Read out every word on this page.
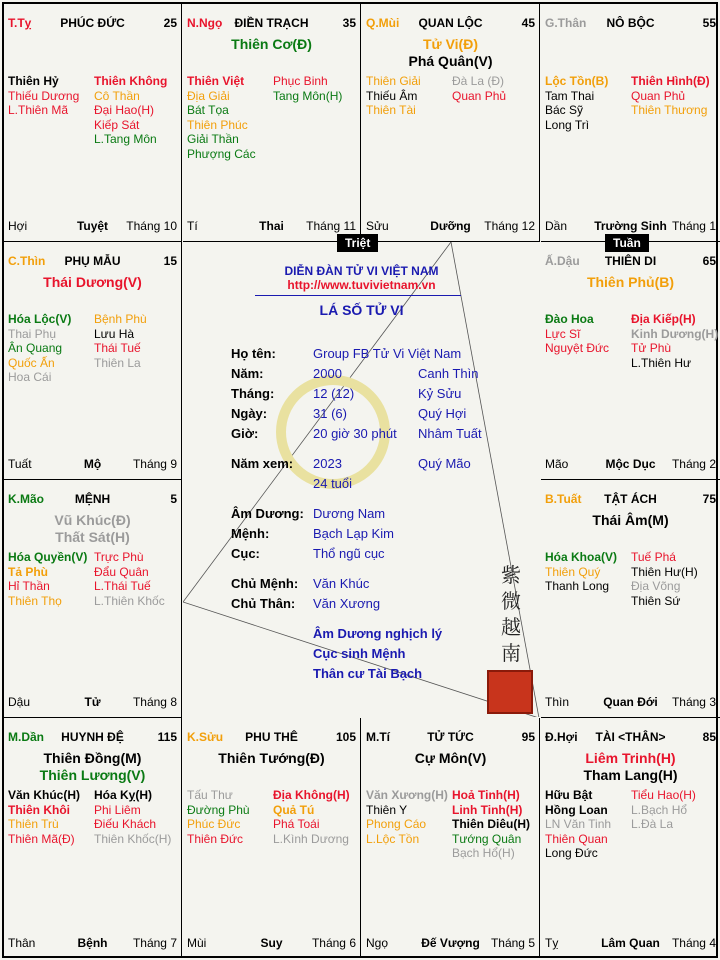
PHÚC ĐỨC
T.Tỵ	25
Thiên Hỷ
Thiếu Dương
L.Thiên Mã
Thiên Không
Cô Thần
Đại Hao(H)
Kiếp Sát
L.Tang Môn
Tuyệt
Hợi	Tháng 10
ĐIỀN TRẠCH
N.Ngọ	35
Thiên Cơ(Đ)
Thiên Việt
Địa Giải
Bát Tọa
Thiên Phúc
Giải Thần
Phượng Các
Phục Binh
Tang Môn(H)
Thai
Tí	Tháng 11
QUAN LỘC
Q.Mùi	45
Tử Vi(Đ)
Phá Quân(V)
Thiên Giải
Thiếu Âm
Thiên Tài
Đà La (Đ)
Quan Phủ
Dưỡng
Sửu	Tháng 12
NÔ BỘC
G.Thân	55
Lộc Tồn(B)
Tam Thai
Bác Sỹ
Long Trì
Thiên Hình(Đ)
Quan Phủ
Thiên Thương
Trường Sinh
Dần	Tháng 1
PHỤ MẪU
C.Thìn	15
Thái Dương(V)
Hóa Lộc(V)
Thai Phụ
Ân Quang
Quốc Ấn
Hoa Cái
Bệnh Phù
Lưu Hà
Thái Tuế
Thiên La
Mộ
Tuất	Tháng 9
THIÊN DI
Ấ.Dậu	65
Thiên Phủ(B)
Đào Hoa
Lực Sĩ
Nguyệt Đức
Địa Kiếp(H)
Kinh Dương(H)
Tử Phù
L.Thiên Hư
Mộc Dục
Mão	Tháng 2
MỆNH
K.Mão	5
Vũ Khúc(Đ)
Thất Sát(H)
Hóa Quyền(V)
Tả Phù
Hỉ Thần
Thiên Thọ
Trực Phù
Đẩu Quân
L.Thái Tuế
L.Thiên Khốc
Tử
Dậu	Tháng 8
TẬT ÁCH
B.Tuất	75
Thái Âm(M)
Hóa Khoa(V)
Thiên Quý
Thanh Long
Tuế Phá
Thiên Hư(H)
Địa Võng
Thiên Sứ
Quan Đới
Thìn	Tháng 3
HUYNH ĐỆ
M.Dần	115
Thiên Đồng(M)
Thiên Lương(V)
Văn Khúc(H)
Thiên Khôi
Thiên Trù
Thiên Mã(Đ)
Hóa Kỵ(H)
Phi Liêm
Điếu Khách
Thiên Khốc(H)
Bệnh
Thân	Tháng 7
PHU THÊ
K.Sửu	105
Thiên Tướng(Đ)
Tấu Thư
Đường Phù
Phúc Đức
Thiên Đức
Địa Không(H)
Quả Tú
Phá Toái
L.Kình Dương
Suy
Mùi	Tháng 6
TỬ TỨC
M.Tí	95
Cự Môn(V)
Văn Xương(H)
Thiên Y
Phong Cáo
L.Lộc Tồn
Hoả Tinh(H)
Linh Tinh(H)
Thiên Diêu(H)
Tướng Quân
Bạch Hổ(H)
Đế Vượng
Ngọ	Tháng 5
TÀI <THÂN>
Đ.Hợi	85
Liêm Trinh(H)
Tham Lang(H)
Hữu Bật
Hồng Loan
LN Văn Tinh
Thiên Quan
Long Đức
Tiểu Hao(H)
L.Bạch Hổ
L.Đà La
Lâm Quan
Tỵ	Tháng 4
DIỄN ĐÀN TỬ VI VIỆT NAM
http://www.tuvivietnam.vn
LÁ SỐ TỬ VI
Họ tên:	Group FB Tử Vi Việt Nam
Năm:	2000	Canh Thìn
Tháng:	12 (12)	Kỷ Sửu
Ngày:	31 (6)	Quý Hợi
Giờ:	20 giờ 30 phút Nhâm Tuất
Năm xem: 2023	Quý Mão
24 tuổi
Âm Dương: Dương Nam
Mệnh:	Bạch Lạp Kim
Cục:	Thổ ngũ cục
Chủ Mệnh: Văn Khúc
Chủ Thân: Văn Xương
Âm Dương nghịch lý
Cục sinh Mệnh
Thân cư Tài Bạch
紫
微
越
南
Triệt	Tuần
